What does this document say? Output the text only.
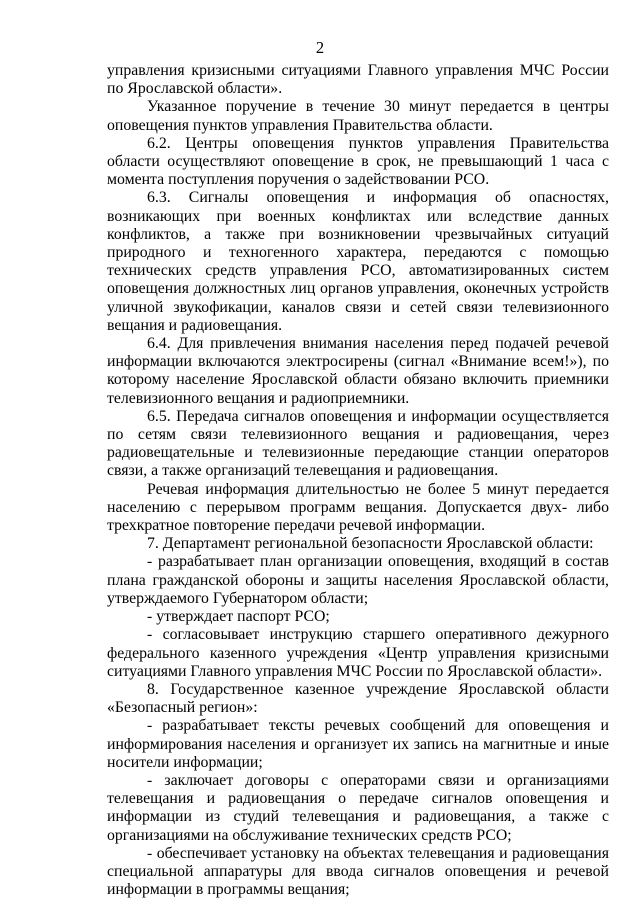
2

управления кризисными ситуациями Главного управления МЧС России по Ярославской области».

Указанное поручение в течение 30 минут передается в центры оповещения пунктов управления Правительства области.

6.2. Центры оповещения пунктов управления Правительства области осуществляют оповещение в срок, не превышающий 1 часа с момента поступления поручения о задействовании РСО.

6.3. Сигналы оповещения и информация об опасностях, возникающих при военных конфликтах или вследствие данных конфликтов, а также при возникновении чрезвычайных ситуаций природного и техногенного характера, передаются с помощью технических средств управления РСО, автоматизированных систем оповещения должностных лиц органов управления, оконечных устройств уличной звукофикации, каналов связи и сетей связи телевизионного вещания и радиовещания.

6.4. Для привлечения внимания населения перед подачей речевой информации включаются электросирены (сигнал «Внимание всем!»), по которому население Ярославской области обязано включить приемники телевизионного вещания и радиоприемники.

6.5. Передача сигналов оповещения и информации осуществляется по сетям связи телевизионного вещания и радиовещания, через радиовещательные и телевизионные передающие станции операторов связи, а также организаций телевещания и радиовещания.

Речевая информация длительностью не более 5 минут передается населению с перерывом программ вещания. Допускается двух- либо трехкратное повторение передачи речевой информации.

7. Департамент региональной безопасности Ярославской области:

- разрабатывает план организации оповещения, входящий в состав плана гражданской обороны и защиты населения Ярославской области, утверждаемого Губернатором области;

- утверждает паспорт РСО;

- согласовывает инструкцию старшего оперативного дежурного федерального казенного учреждения «Центр управления кризисными ситуациями Главного управления МЧС России по Ярославской области».

8. Государственное казенное учреждение Ярославской области «Безопасный регион»:

- разрабатывает тексты речевых сообщений для оповещения и информирования населения и организует их запись на магнитные и иные носители информации;

- заключает договоры с операторами связи и организациями телевещания и радиовещания о передаче сигналов оповещения и информации из студий телевещания и радиовещания, а также с организациями на обслуживание технических средств РСО;

- обеспечивает установку на объектах телевещания и радиовещания специальной аппаратуры для ввода сигналов оповещения и речевой информации в программы вещания;
